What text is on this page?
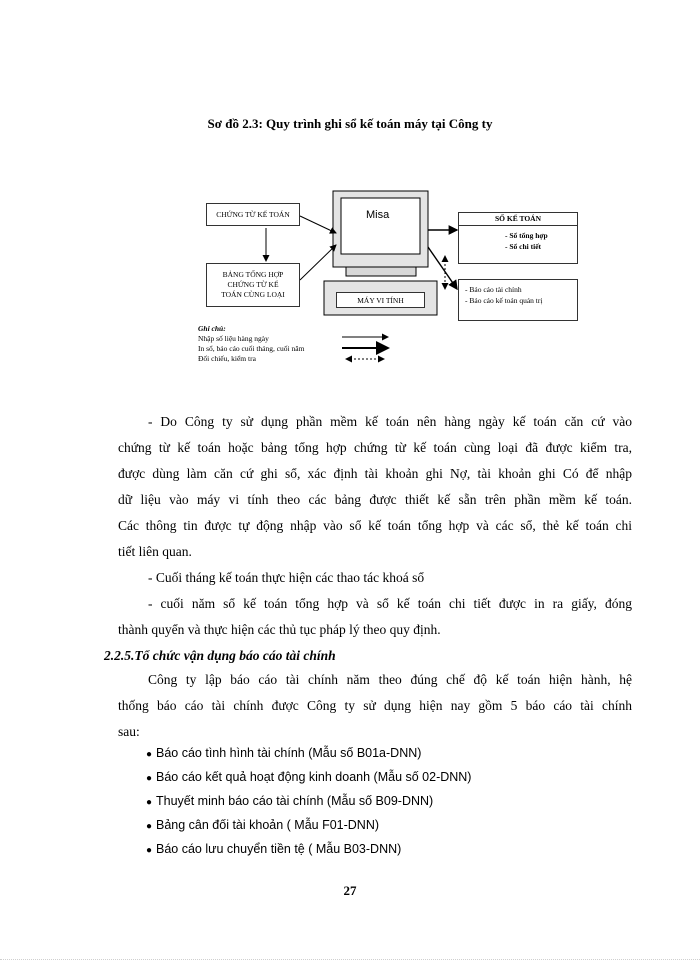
Sơ đồ 2.3: Quy trình ghi sổ kế toán máy tại Công ty
CHỨNG TỪ KẾ TOÁN
BẢNG TỔNG HỢP
CHỨNG TỪ KẾ
TOÁN CÙNG LOẠI
Misa
MÁY VI TÍNH
SỔ KẾ TOÁN
- Sổ tổng hợp
- Sổ chi tiết
- Báo cáo tài chính
- Báo cáo kế toán quản trị
Ghi chú:
Nhập số liệu hàng ngày
In sổ, báo cáo cuối tháng, cuối năm
Đối chiếu, kiểm tra
- Do Công ty sử dụng phần mềm kế toán nên hàng ngày kế toán căn cứ vào
chứng từ kế toán hoặc bảng tổng hợp chứng từ kế toán cùng loại đã được kiểm tra,
được dùng làm căn cứ ghi sổ, xác định tài khoản ghi Nợ, tài khoản ghi Có để nhập
dữ liệu vào máy vi tính theo các bảng được thiết kế sẵn trên phần mềm kế toán.
Các thông tin được tự động nhập vào sổ kế toán tổng hợp và các sổ, thẻ kế toán chi
tiết liên quan.
- Cuối tháng kế toán thực hiện các thao tác khoá sổ
- cuối năm sổ kế toán tổng hợp và sổ kế toán chi tiết được in ra giấy, đóng
thành quyển và thực hiện các thủ tục pháp lý theo quy định.
2.2.5.Tổ chức vận dụng báo cáo tài chính
Công ty lập báo cáo tài chính năm theo đúng chế độ kế toán hiện hành, hệ
thống báo cáo tài chính được Công ty sử dụng hiện nay gồm 5 báo cáo tài chính
sau:
● Báo cáo tình hình tài chính (Mẫu số B01a-DNN)
● Báo cáo kết quả hoạt động kinh doanh (Mẫu số 02-DNN)
● Thuyết minh báo cáo tài chính (Mẫu số B09-DNN)
● Bảng cân đối tài khoản ( Mẫu F01-DNN)
● Báo cáo lưu chuyển tiền tệ ( Mẫu B03-DNN)
27
